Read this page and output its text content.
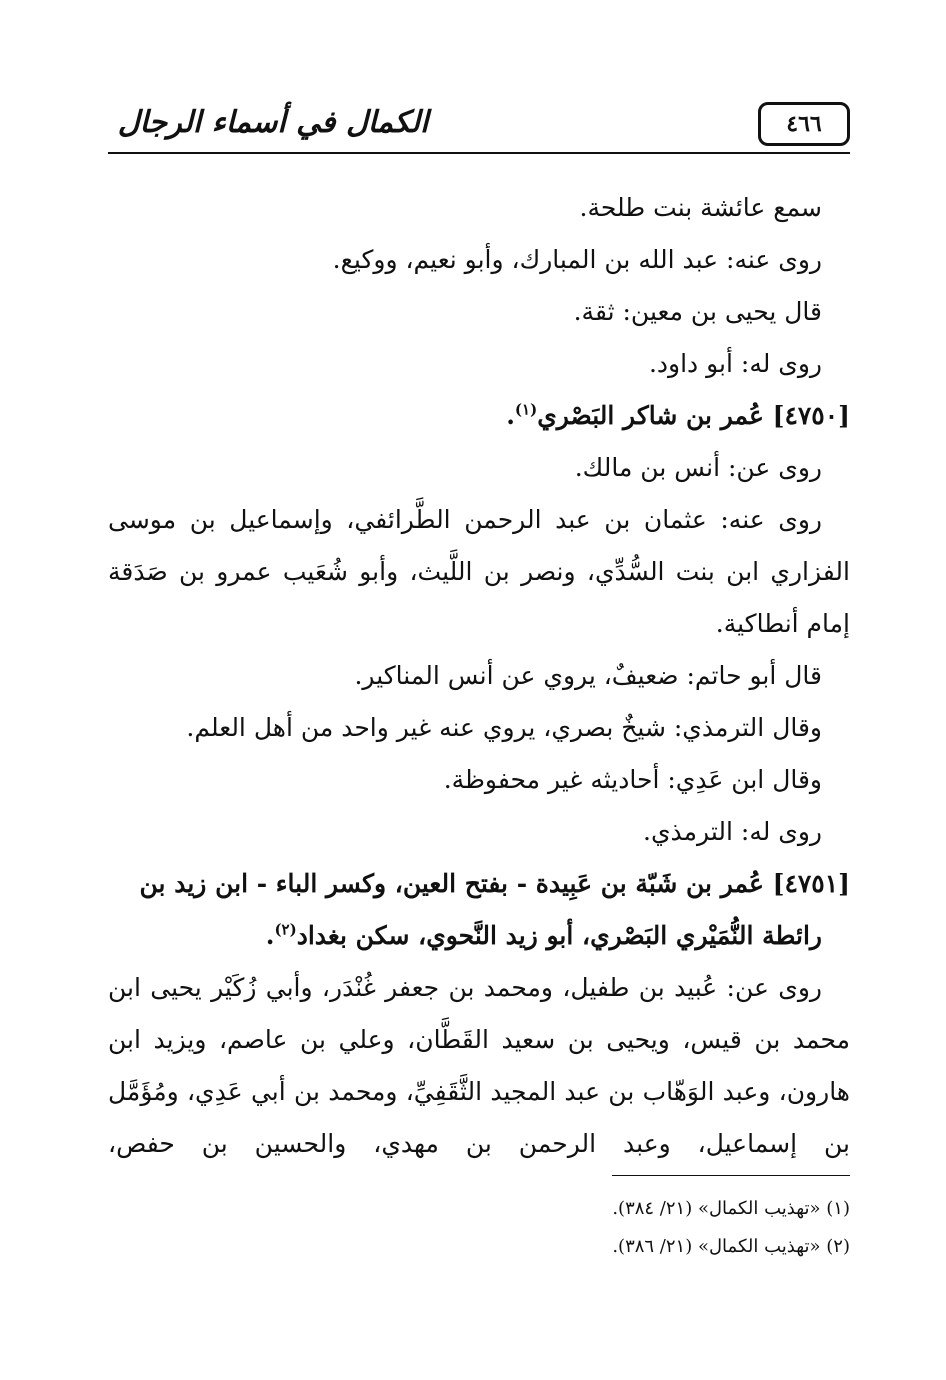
٤٦٦
الكمال في أسماء الرجال
سمع عائشة بنت طلحة.
روى عنه: عبد الله بن المبارك، وأبو نعيم، ووكيع.
قال يحيى بن معين: ثقة.
روى له: أبو داود.
[٤٧٥٠] عُمر بن شاكر البَصْري$^{(١)}$.
روى عن: أنس بن مالك.
روى عنه: عثمان بن عبد الرحمن الطَّرائفي، وإسماعيل بن موسى الفزاري ابن بنت السُّدِّي، ونصر بن اللَّيث، وأبو شُعَيب عمرو بن صَدَقة إمام أنطاكية.
قال أبو حاتم: ضعيفٌ، يروي عن أنس المناكير.
وقال الترمذي: شيخٌ بصري، يروي عنه غير واحد من أهل العلم.
وقال ابن عَدِي: أحاديثه غير محفوظة.
روى له: الترمذي.
[٤٧٥١] عُمر بن شَبّة بن عَبِيدة - بفتح العين، وكسر الباء - ابن زيد بن
رائطة النُّمَيْري البَصْري، أبو زيد النَّحوي، سكن بغداد$^{(٢)}$.
روى عن: عُبيد بن طفيل، ومحمد بن جعفر غُنْدَر، وأبي زُكَيْر يحيى ابن محمد بن قيس، ويحيى بن سعيد القَطَّان، وعلي بن عاصم، ويزيد ابن هارون، وعبد الوَهّاب بن عبد المجيد الثَّقَفِيِّ، ومحمد بن أبي عَدِي، ومُؤَمَّل بن إسماعيل، وعبد الرحمن بن مهدي، والحسين بن حفص،
(١) «تهذيب الكمال» (٢١/ ٣٨٤).
(٢) «تهذيب الكمال» (٢١/ ٣٨٦).
